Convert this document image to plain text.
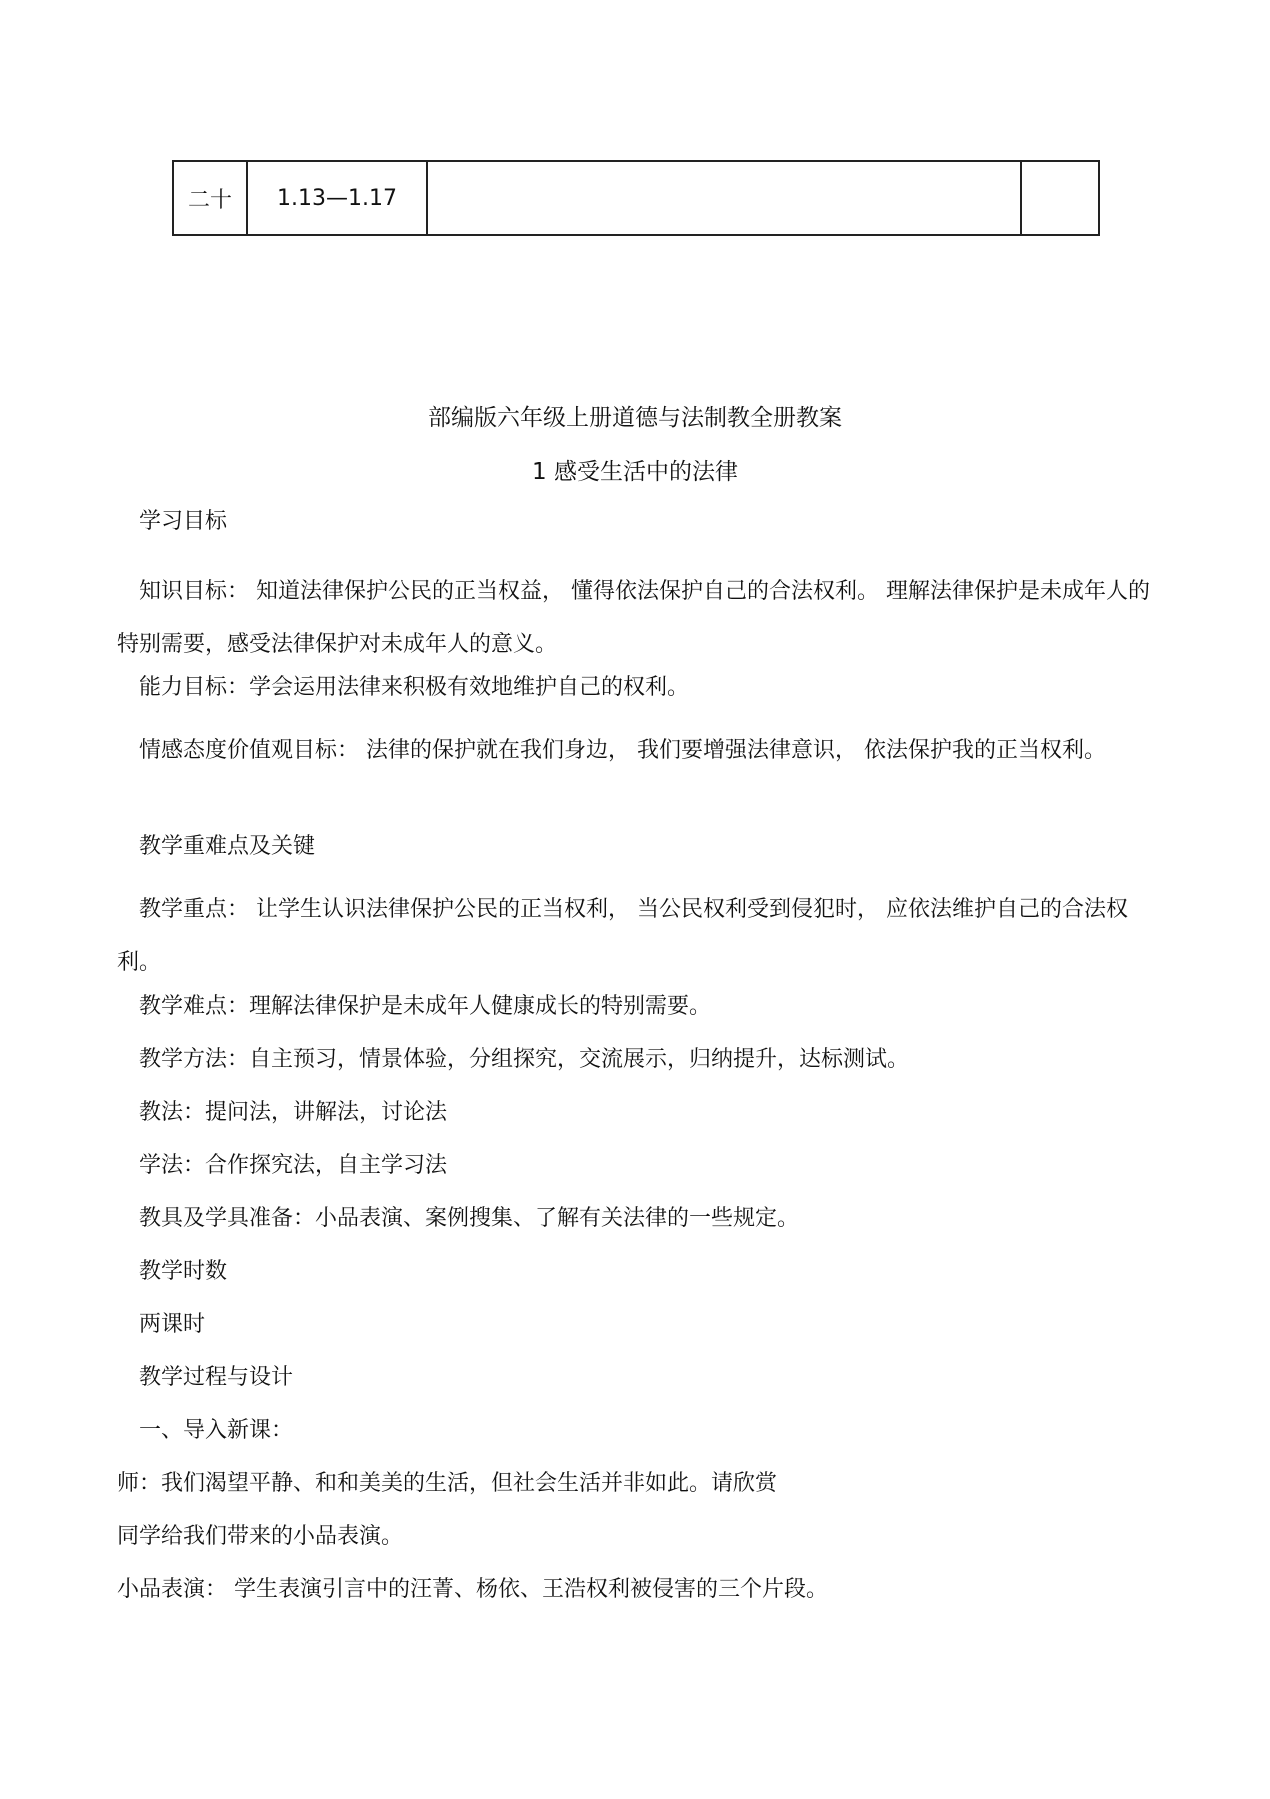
二十	1.13—1.17		
部编版六年级上册道德与法制教全册教案
1 感受生活中的法律
学习目标
知识目标： 知道法律保护公民的正当权益， 懂得依法保护自己的合法权利。 理解法律保护是未成年人的特别需要，感受法律保护对未成年人的意义。
能力目标：学会运用法律来积极有效地维护自己的权利。
情感态度价值观目标： 法律的保护就在我们身边， 我们要增强法律意识， 依法保护我的正当权利。
教学重难点及关键
教学重点： 让学生认识法律保护公民的正当权利， 当公民权利受到侵犯时， 应依法维护自己的合法权利。
教学难点：理解法律保护是未成年人健康成长的特别需要。
教学方法：自主预习，情景体验，分组探究，交流展示，归纳提升，达标测试。
教法：提问法，讲解法，讨论法
学法：合作探究法，自主学习法
教具及学具准备：小品表演、案例搜集、了解有关法律的一些规定。
教学时数
两课时
教学过程与设计
一、导入新课：
师：我们渴望平静、和和美美的生活，但社会生活并非如此。请欣赏
同学给我们带来的小品表演。
小品表演： 学生表演引言中的汪菁、杨依、王浩权利被侵害的三个片段。
